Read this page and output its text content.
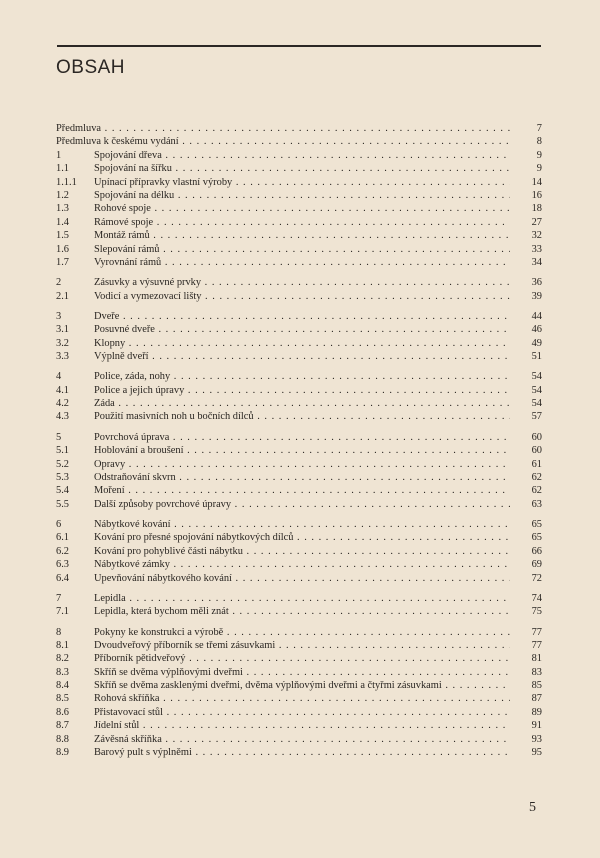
OBSAH
Předmluva . . .	7
Předmluva k českému vydání . . .	8
1	Spojování dřeva . . .	9
1.1 Spojování na šířku . . .	9
1.1.1 Upínací přípravky vlastní výroby . . .	14
1.2 Spojování na délku . . .	16
1.3 Rohové spoje . . .	18
1.4 Rámové spoje . . .	27
1.5 Montáž rámů . . .	32
1.6 Slepování rámů . . .	33
1.7 Vyrovnání rámů . . .	34
2	Zásuvky a výsuvné prvky . . .	36
2.1 Vodicí a vymezovací lišty . . .	39
3	Dveře . . .	44
3.1 Posuvné dveře . . .	46
3.2 Klopny . . .	49
3.3 Výplně dveří . . .	51
4	Police, záda, nohy . . .	54
4.1 Police a jejich úpravy . . .	54
4.2 Záda . . .	54
4.3 Použití masivních noh u bočních dílců . . .	57
5	Povrchová úprava . . .	60
5.1 Hoblování a broušení . . .	60
5.2 Opravy . . .	61
5.3 Odstraňování skvrn . . .	62
5.4 Moření . . .	62
5.5 Další způsoby povrchové úpravy . . .	63
6	Nábytkové kování . . .	65
6.1 Kování pro přesné spojování nábytkových dílců . . .	65
6.2 Kování pro pohyblivé části nábytku . . .	66
6.3 Nábytkové zámky . . .	69
6.4 Upevňování nábytkového kování . . .	72
7	Lepidla . . .	74
7.1 Lepidla, která bychom měli znát . . .	75
8	Pokyny ke konstrukci a výrobě . . .	77
8.1 Dvoudveřový příborník se třemi zásuvkami . . .	77
8.2 Příborník pětidveřový . . .	81
8.3 Skříň se dvěma výplňovými dveřmi . . .	83
8.4 Skříň se dvěma zasklenými dveřmi, dvěma výplňovými dveřmi a čtyřmi zásuvkami . . .	85
8.5 Rohová skříňka . . .	87
8.6 Přistavovací stůl . . .	89
8.7 Jídelní stůl . . .	91
8.8 Závěsná skříňka . . .	93
8.9 Barový pult s výplněmi . . .	95
5
